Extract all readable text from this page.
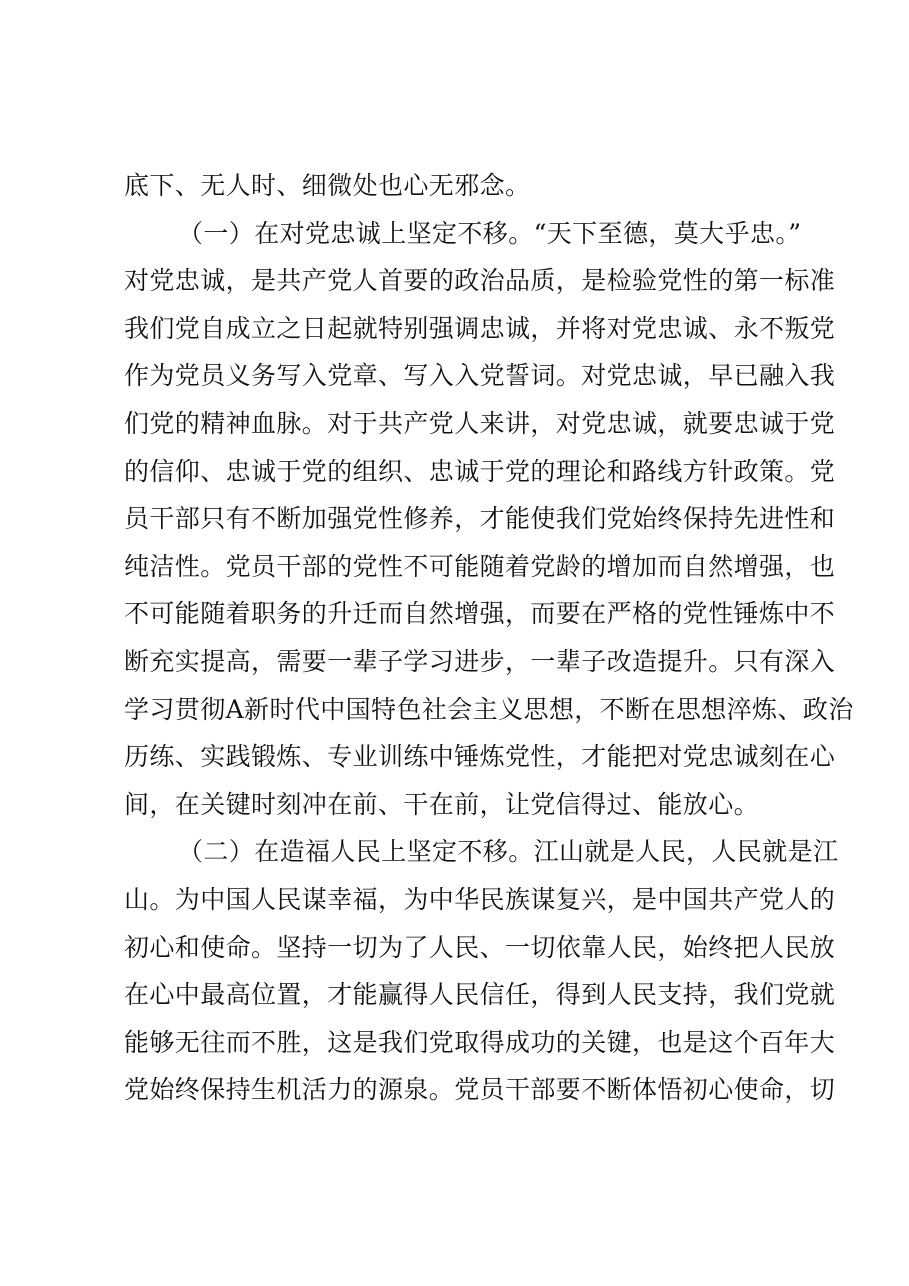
底下、无人时、细微处也心无邪念。
（一）在对党忠诚上坚定不移。“天下至德，莫大乎忠。”
对党忠诚，是共产党人首要的政治品质，是检验党性的第一标准
我们党自成立之日起就特别强调忠诚，并将对党忠诚、永不叛党
作为党员义务写入党章、写入入党誓词。对党忠诚，早已融入我
们党的精神血脉。对于共产党人来讲，对党忠诚，就要忠诚于党
的信仰、忠诚于党的组织、忠诚于党的理论和路线方针政策。党
员干部只有不断加强党性修养，才能使我们党始终保持先进性和
纯洁性。党员干部的党性不可能随着党龄的增加而自然增强，也
不可能随着职务的升迁而自然增强，而要在严格的党性锤炼中不
断充实提高，需要一辈子学习进步，一辈子改造提升。只有深入
学习贯彻A新时代中国特色社会主义思想，不断在思想淬炼、政治
历练、实践锻炼、专业训练中锤炼党性，才能把对党忠诚刻在心
间，在关键时刻冲在前、干在前，让党信得过、能放心。
（二）在造福人民上坚定不移。江山就是人民，人民就是江
山。为中国人民谋幸福，为中华民族谋复兴，是中国共产党人的
初心和使命。坚持一切为了人民、一切依靠人民，始终把人民放
在心中最高位置，才能赢得人民信任，得到人民支持，我们党就
能够无往而不胜，这是我们党取得成功的关键，也是这个百年大
党始终保持生机活力的源泉。党员干部要不断体悟初心使命，切
